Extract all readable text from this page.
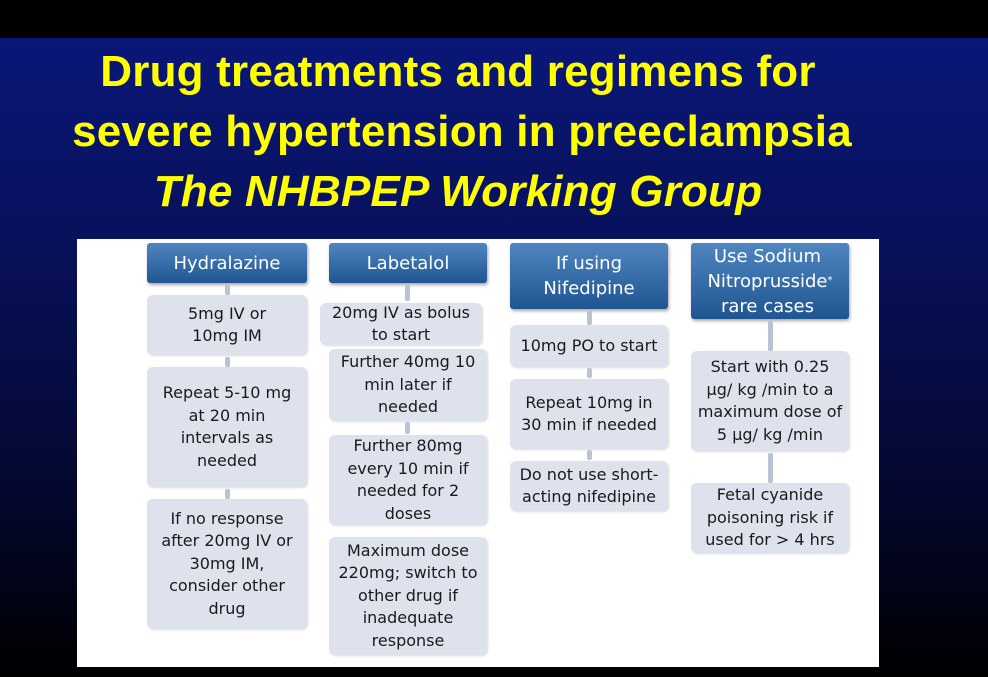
Drug treatments and regimens for
severe hypertension in preeclampsia
The NHBPEP Working Group
Hydralazine
5mg IV or
10mg IM
Repeat 5-10 mg
at 20 min
intervals as
needed
If no response
after 20mg IV or
30mg IM,
consider other
drug
Labetalol
20mg IV as bolus
to start
Further 40mg 10
min later if
needed
Further 80mg
every 10 min if
needed for 2
doses
Maximum dose
220mg; switch to
other drug if
inadequate
response
If using
Nifedipine
10mg PO to start
Repeat 10mg in
30 min if needed
Do not use short-
acting nifedipine
Use Sodium
Nitroprusside
rare cases
*
Start with 0.25
µg/ kg /min to a
maximum dose of
5 µg/ kg /min
Fetal cyanide
poisoning risk if
used for > 4 hrs
